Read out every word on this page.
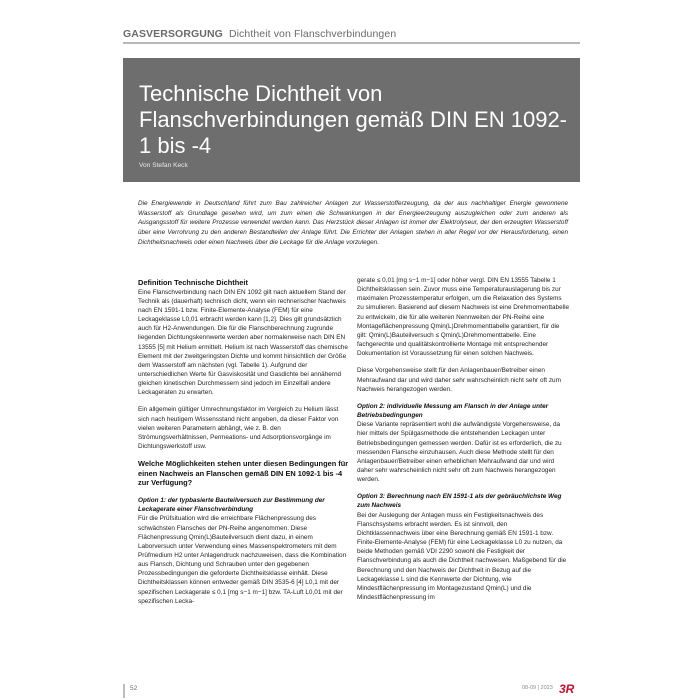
GASVERSORGUNG Dichtheit von Flanschverbindungen
Technische Dichtheit von Flanschverbindungen gemäß DIN EN 1092-1 bis -4
Von Stefan Keck

Die Energiewende in Deutschland führt zum Bau zahlreicher Anlagen zur Wasserstofferzeugung, da der aus nachhaltiger Energie gewonnene Wasserstoff als Grundlage gesehen wird, um zum einen die Schwankungen in der Energieerzeugung auszugleichen oder zum anderen als Ausgangsstoff für weitere Prozesse verwendet werden kann. Das Herzstück dieser Anlagen ist immer der Elektrolyseur, der den erzeugten Wasserstoff über eine Verrohrung zu den anderen Bestandteilen der Anlage führt. Die Errichter der Anlagen stehen in aller Regel vor der Herausforderung, einen Dichtheitsnachweis oder einen Nachweis über die Leckage für die Anlage vorzulegen.

Definition Technische Dichtheit

Eine Flanschverbindung nach DIN EN 1092 gilt nach aktuellem Stand der Technik als (dauerhaft) technisch dicht, wenn ein rechnerischer Nachweis nach EN 1591-1 bzw. Finite-Elemente-Analyse (FEM) für eine Leckageklasse L0,01 erbracht werden kann [1,2]. Dies gilt grundsätzlich auch für H2-Anwendungen. Die für die Flanschberechnung zugrunde liegenden Dichtungskennwerte werden aber normalerweise nach DIN EN 13555 [5] mit Helium ermittelt. Helium ist nach Wasserstoff das chemische Element mit der zweitgeringsten Dichte und kommt hinsichtlich der Größe dem Wasserstoff am nächsten (vgl. Tabelle 1). Aufgrund der unterschiedlichen Werte für Gasviskosität und Gasdichte bei annähernd gleichen kinetischen Durchmessern sind jedoch im Einzelfall andere Leckageraten zu erwarten.

Ein allgemein gültiger Umrechnungsfaktor im Vergleich zu Helium lässt sich nach heutigem Wissensstand nicht angeben, da dieser Faktor von vielen weiteren Parametern abhängt, wie z. B. den Strömungsverhältnissen, Permeations- und Adsorptionsvorgänge im Dichtungswerkstoff usw.

Welche Möglichkeiten stehen unter diesen Bedingungen für einen Nachweis an Flanschen gemäß DIN EN 1092-1 bis -4 zur Verfügung?
Option 1: der typbasierte Bauteilversuch zur Bestimmung der Leckagerate einer Flanschverbindung

Für die Prüfsituation wird die erreichbare Flächenpressung des schwächsten Flansches der PN-Reihe angenommen. Diese Flächenpressung Qmin(L)Bauteilversuch dient dazu, in einem Laborversuch unter Verwendung eines Massenspektrometers mit dem Prüfmedium H2 unter Anlagendruck nachzuweisen, dass die Kombination aus Flansch, Dichtung und Schrauben unter den gegebenen Prozessbedingungen die geforderte Dichtheitsklasse einhält. Diese Dichtheitsklassen können entweder gemäß DIN 3535-6 [4] L0,1 mit der spezifischen Leckagerate ≤ 0,1 [mg s−1 m−1] bzw. TA-Luft L0,01 mit der spezifischen Lecka-

gerate ≤ 0,01 [mg s−1 m−1] oder höher vergl. DIN EN 13555 Tabelle 1 Dichtheitsklassen sein. Zuvor muss eine Temperaturauslagerung bis zur maximalen Prozesstemperatur erfolgen, um die Relaxation des Systems zu simulieren. Basierend auf diesem Nachweis ist eine Drehmomenttabelle zu entwickeln, die für alle weiteren Nennweiten der PN-Reihe eine Montageflächenpressung Qmin(L)Drehmomenttabelle garantiert, für die gilt: Qmin(L)Bauteilversuch ≤ Qmin(L)Drehmomenttabelle. Eine fachgerechte und qualitätskontrollierte Montage mit entsprechender Dokumentation ist Voraussetzung für einen solchen Nachweis.

Diese Vorgehensweise stellt für den Anlagenbauer/Betreiber einen Mehraufwand dar und wird daher sehr wahrscheinlich nicht sehr oft zum Nachweis herangezogen werden.

Option 2: individuelle Messung am Flansch in der Anlage unter Betriebsbedingungen

Diese Variante repräsentiert wohl die aufwändigste Vorgehensweise, da hier mittels der Spülgasmethode die entstehenden Leckagen unter Betriebsbedingungen gemessen werden. Dafür ist es erforderlich, die zu messenden Flansche einzuhausen. Auch diese Methode stellt für den Anlagenbauer/Betreiber einen erheblichen Mehraufwand dar und wird daher sehr wahrscheinlich nicht sehr oft zum Nachweis herangezogen werden.

Option 3: Berechnung nach EN 1591-1 als der gebräuchlichste Weg zum Nachweis

Bei der Auslegung der Anlagen muss ein Festigkeitsnachweis des Flanschsystems erbracht werden. Es ist sinnvoll, den Dichtklassennachweis über eine Berechnung gemäß EN 1591-1 bzw. Finite-Elemente-Analyse (FEM) für eine Leckageklasse L0 zu nutzen, da beide Methoden gemäß VDI 2290 sowohl die Festigkeit der Flanschverbindung als auch die Dichtheit nachweisen. Maßgebend für die Berechnung und den Nachweis der Dichtheit in Bezug auf die Leckageklasse L sind die Kennwerte der Dichtung, wie Mindestflächenpressung im Montagezustand Qmin(L) und die Mindestflächenpressung im

52	08-09 | 2023 3R
